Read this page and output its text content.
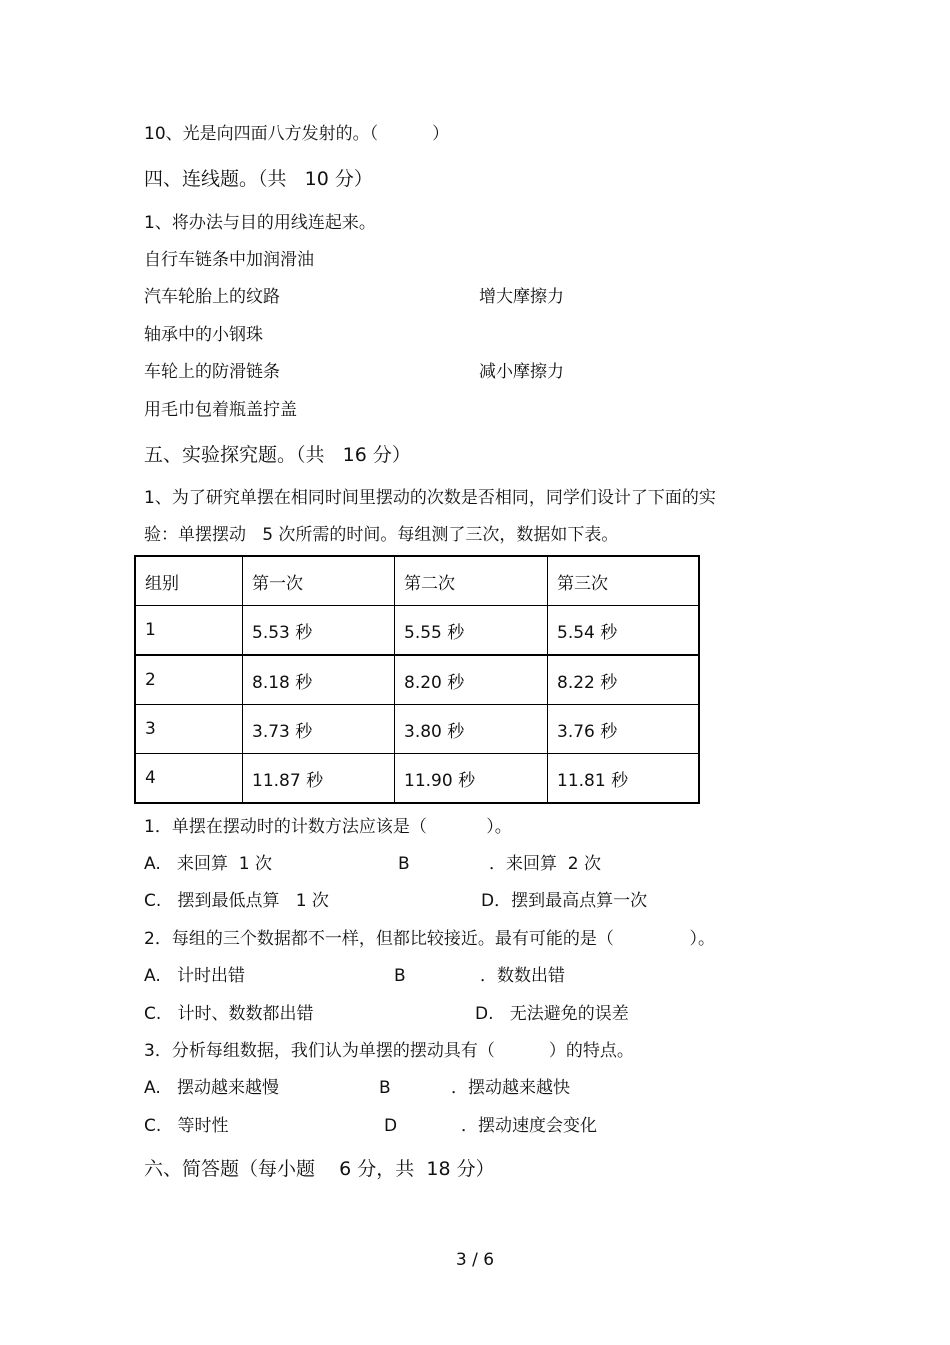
10、光是向四面八方发射的。（          ）
四、连线题。（共   10 分）
1、将办法与目的用线连起来。
自行车链条中加润滑油
汽车轮胎上的纹路	增大摩擦力
轴承中的小钢珠
车轮上的防滑链条	减小摩擦力
用毛巾包着瓶盖拧盖
五、实验探究题。（共   16 分）
1、为了研究单摆在相同时间里摆动的次数是否相同，同学们设计了下面的实
验：单摆摆动   5 次所需的时间。每组测了三次，数据如下表。
组别	第一次	第二次	第三次
1	5.53 秒	5.55 秒	5.54 秒
2	8.18 秒	8.20 秒	8.22 秒
3	3.73 秒	3.80 秒	3.76 秒
4	11.87 秒	11.90 秒	11.81 秒
1．单摆在摆动时的计数方法应该是（           ）。
A.   来回算  1 次	B	．来回算  2 次
C.   摆到最低点算   1 次	D．摆到最高点算一次
2．每组的三个数据都不一样，但都比较接近。最有可能的是（              ）。
A.   计时出错	B	．数数出错
C.   计时、数数都出错	D.   无法避免的误差
3．分析每组数据，我们认为单摆的摆动具有（          ）的特点。
A.   摆动越来越慢	B	．摆动越来越快
C.   等时性	D	．摆动速度会变化
六、简答题（每小题    6 分，共  18 分）
3 / 6
